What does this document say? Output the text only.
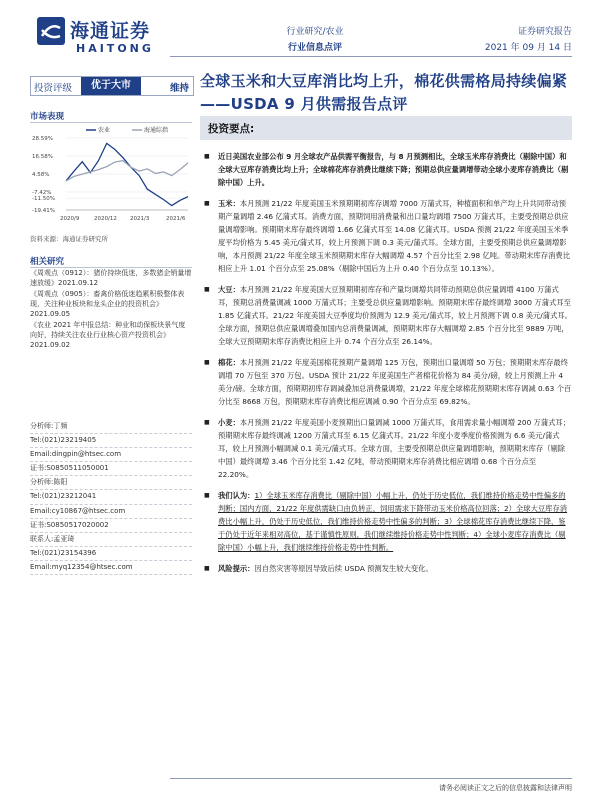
海通证券
HAITONG
行业研究/农业
行业信息点评
证券研究报告
2021 年 09 月 14 日
投资评级	优于大市	维持 全球玉米和大豆库消比均上升，棉花供需格局持续偏紧——USDA 9 月供需报告点评
市场表现
28.59%
16.58%
4.58%
-7.42%
-11.50%
-19.41%
2020/9	2020/12 2021/3	2021/6
农业	海通综指
资料来源：海通证券研究所
相关研究

《周观点（0912）：猪价持续低迷，多数猪企销量增速放缓》2021.09.12

《周观点（0905）：畜禽价格低迷趋累积极整体表现，关注种业板块和龙头企业的投资机会》2021.09.05

《农业 2021 年中报总结：种业和动保板块景气度向好，持续关注农业行业核心资产投资机会》2021.09.02

分析师:丁频
Tel:(021)23219405
Email:dingpin@htsec.com
证书:S0850511050001
分析师:陈阳
Tel:(021)23212041
Email:cy10867@htsec.com
证书:S0850517020002
联系人:孟亚琦
Tel:(021)23154396
Email:myq12354@htsec.com
投资要点:
■ 近日美国农业部公布 9 月全球农产品供需平衡报告，与 8 月预测相比，全球玉米库存消费比（剔除中国）和全球大豆库存消费比均上升；全球棉花库存消费比继续下降；预期总供应量调增带动全球小麦库存消费比（剔除中国）上升。
■ 玉米：本月预测 21/22 年度美国玉米预期期初库存调増 7000 万蒲式耳，种植面积和单产均上升共同带动预期产量调増 2.46 亿蒲式耳。消费方面，预期饲用消费量和出口量均调増 7500 万蒲式耳，主要受预期总供应量调増影响。预期期末库存最终调増 1.66 亿蒲式耳至 14.08 亿蒲式耳。USDA 预测 21/22 年度美国玉米季度平均价格为 5.45 美元/蒲式耳，较上月预测下调 0.3 美元/蒲式耳。全球方面，主要受预期总供应量调増影响，本月预测 21/22 年度全球玉米预期期末库存大幅调増 4.57 个百分比至 2.98 亿吨。带动期末库存消费比相应上升 1.01 个百分点至 25.08%（剔除中国后为上升 0.40 个百分点至 10.13%）。
■ 大豆：本月预测 21/22 年度美国大豆预期期初库存和产量均调増共同带动预期总供应量调増 4100 万蒲式耳，预期总消费量调减 1000 万蒲式耳；主要受总供应量调増影响。预期期末库存最终调増 3000 万蒲式耳至 1.85 亿蒲式耳。21/22 年度美国大豆季度均价预测为 12.9 美元/蒲式耳，较上月预测下调 0.8 美元/蒲式耳。全球方面，预期总供应量调増叠加国内总消费量调减，预期期末库存大幅调増 2.85 个百分比至 9889 万吨，全球大豆预期期末库存消费比相应上升 0.74 个百分点至 26.14%。
■ 棉花：本月预测 21/22 年度美国棉花预期产量调増 125 万包，预期出口量调増 50 万包；预期期末库存最终调増 70 万包至 370 万包。USDA 预计 21/22 年度美国生产者棉花价格为 84 美分/磅，较上月预测上升 4 美分/磅。全球方面，预期期初库存调减叠加总消费量调増，21/22 年度全球棉花预期期末库存调减 0.63 个百分比至 8668 万包，预期期末库存消费比相应调减 0.90 个百分点至 69.82%。
■ 小麦：本月预测 21/22 年度美国小麦预期出口量调减 1000 万蒲式耳，食用需求量小幅调増 200 万蒲式耳；预期期末库存最终调减 1200 万蒲式耳至 6.15 亿蒲式耳。21/22 年度小麦季度价格预测为 6.6 美元/蒲式耳，较上月预测小幅调减 0.1 美元/蒲式耳。全球方面，主要受预期总供应量调増影响，预期期末库存（剔除中国）最终调増 3.46 个百分比至 1.42 亿吨，带动预期期末库存消费比相应调増 0.68 个百分点至 22.20%。
■ 我们认为：1）全球玉米库存消费比（剔除中国）小幅上升，仍处于历史低位，我们维持价格走势中性偏多的判断；国内方面，21/22 年度供需缺口由负转正，饲用需求下降带动玉米价格高位回落；2）全球大豆库存消费比小幅上升，仍处于历史低位，我们维持价格走势中性偏多的判断；3）全球棉花库存消费比继续下降，鉴于仍处于近年来相对高位，基于谨慎性原则，我们继续维持价格走势中性判断；4）全球小麦库存消费比（剔除中国）小幅上升，我们继续维持价格走势中性判断。
■ 风险提示：因自然灾害等原因导致后续 USDA 预测发生较大变化。
请务必阅读正文之后的信息披露和法律声明
